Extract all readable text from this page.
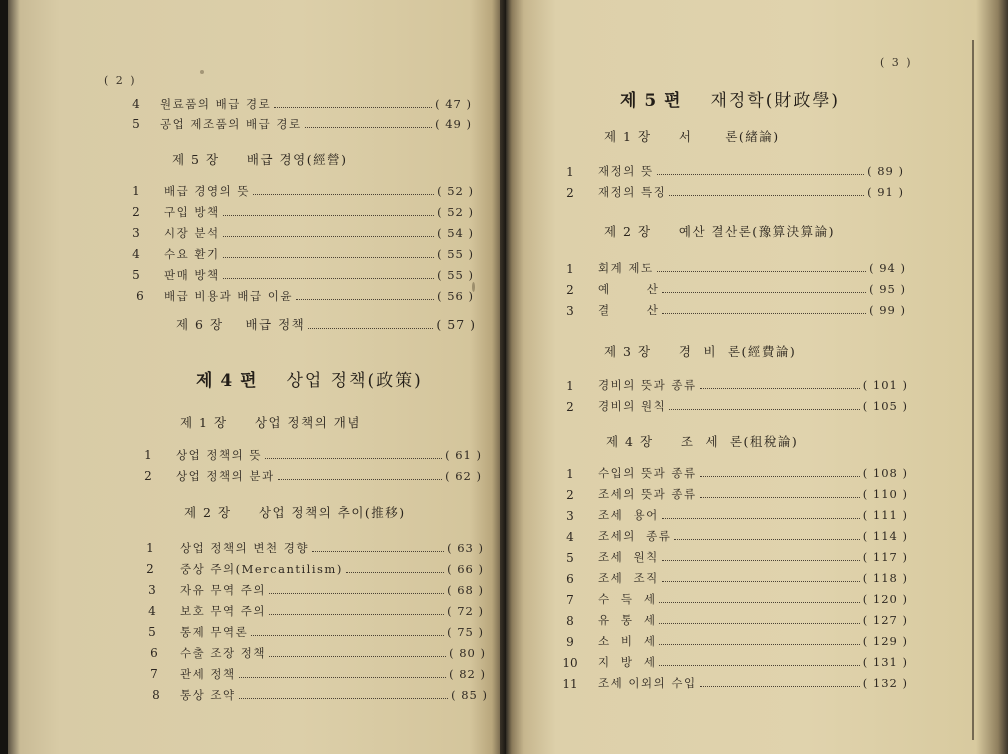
( 2 )
4	원료품의 배급 경로	( 47 )
5	공업 제조품의 배급 경로	( 49 )
제 5 장     배급 경영(經營)
1	배급 경영의 뜻	( 52 )
2	구입 방책	( 52 )
3	시장 분석	( 54 )
4	수요 환기	( 55 )
5	판매 방책	( 55 )
6	배급 비용과 배급 이윤	( 56 )
제 6 장    배급 정책	( 57 )
제 4 편 상업 정책(政策)
제 1 장     상업 정책의 개념
1	상업 정책의 뜻	( 61 )
2	상업 정책의 분과	( 62 )
제 2 장     상업 정책의 추이(推移)
1	상업 정책의 변천 경향	( 63 )
2	중상 주의(Mercantilism)	( 66 )
3	자유 무역 주의	( 68 )
4	보호 무역 주의	( 72 )
5	통제 무역론	( 75 )
6	수출 조장 정책	( 80 )
7	관세 정책	( 82 )
8	통상 조약	( 85 )
( 3 )
제 5 편 재정학(財政學)
제 1 장     서      론(緖論)
1	재정의 뜻	( 89 )
2	재정의 특징	( 91 )
제 2 장     예산 결산론(豫算決算論)
1	회계 제도	( 94 )
2	예       산	( 95 )
3	결       산	( 99 )
제 3 장     경  비  론(經費論)
1	경비의 뜻과 종류	( 101 )
2	경비의 원칙	( 105 )
제 4 장     조  세  론(租稅論)
1	수입의 뜻과 종류	( 108 )
2	조세의 뜻과 종류	( 110 )
3	조세  용어	( 111 )
4	조세의  종류	( 114 )
5	조세  원칙	( 117 )
6	조세  조직	( 118 )
7	수  득  세	( 120 )
8	유  통  세	( 127 )
9	소  비  세	( 129 )
10 지  방  세	( 131 )
11 조세 이외의 수입	( 132 )
